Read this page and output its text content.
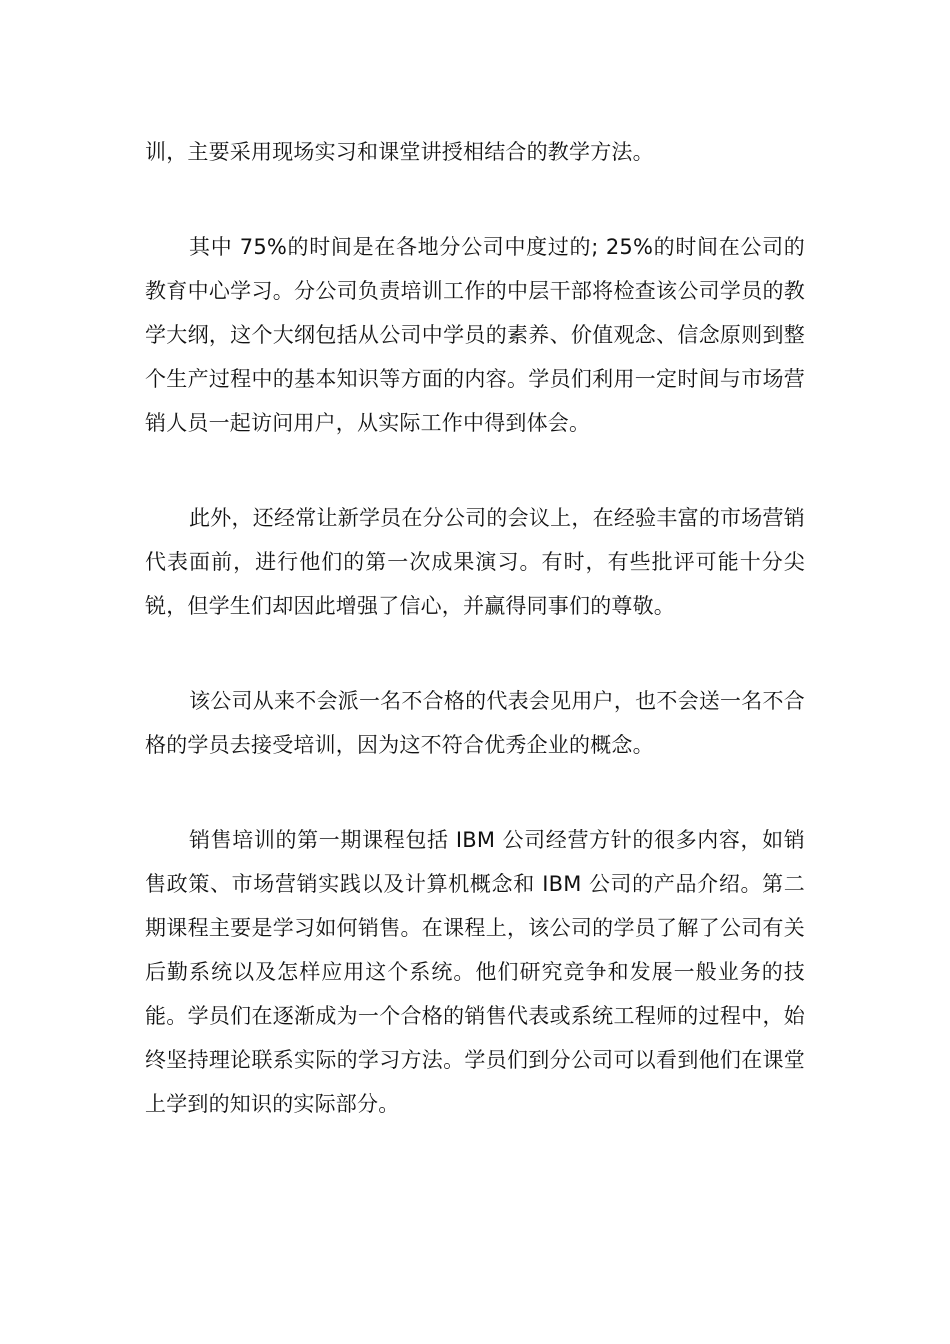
训，主要采用现场实习和课堂讲授相结合的教学方法。

其中 75%的时间是在各地分公司中度过的; 25%的时间在公司的教育中心学习。分公司负责培训工作的中层干部将检查该公司学员的教学大纲，这个大纲包括从公司中学员的素养、价值观念、信念原则到整个生产过程中的基本知识等方面的内容。学员们利用一定时间与市场营销人员一起访问用户，从实际工作中得到体会。

此外，还经常让新学员在分公司的会议上，在经验丰富的市场营销代表面前，进行他们的第一次成果演习。有时，有些批评可能十分尖锐，但学生们却因此增强了信心，并赢得同事们的尊敬。

该公司从来不会派一名不合格的代表会见用户，也不会送一名不合格的学员去接受培训，因为这不符合优秀企业的概念。

销售培训的第一期课程包括 IBM 公司经营方针的很多内容，如销售政策、市场营销实践以及计算机概念和 IBM 公司的产品介绍。第二期课程主要是学习如何销售。在课程上，该公司的学员了解了公司有关后勤系统以及怎样应用这个系统。他们研究竞争和发展一般业务的技能。学员们在逐渐成为一个合格的销售代表或系统工程师的过程中，始终坚持理论联系实际的学习方法。学员们到分公司可以看到他们在课堂上学到的知识的实际部分。
